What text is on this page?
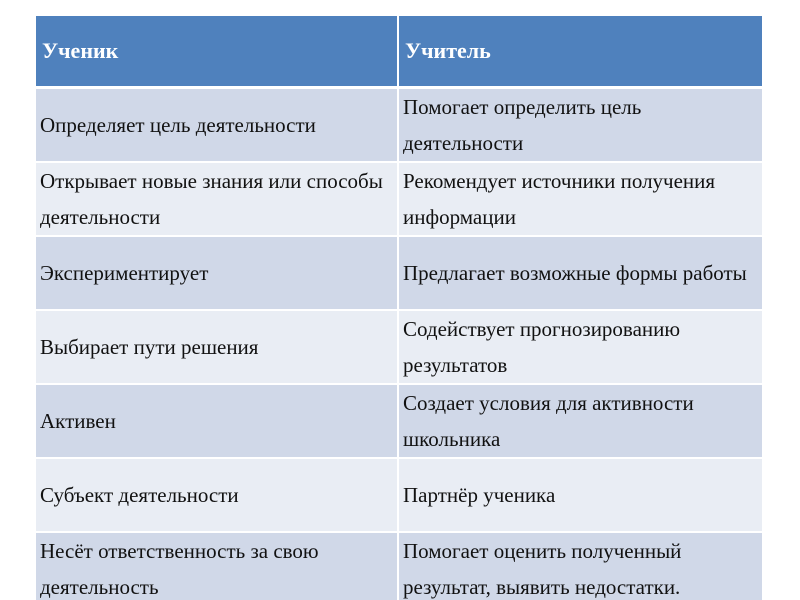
Ученик	Учитель
Определяет цель деятельности	Помогает определить цель деятельности
Открывает новые знания или способы деятельности	Рекомендует источники получения информации
Экспериментирует	Предлагает возможные формы работы
Выбирает пути решения	Содействует прогнозированию результатов
Активен	Создает условия для активности школьника
Субъект деятельности	Партнёр ученика
Несёт ответственность за свою деятельность	Помогает оценить полученный результат, выявить недостатки.
